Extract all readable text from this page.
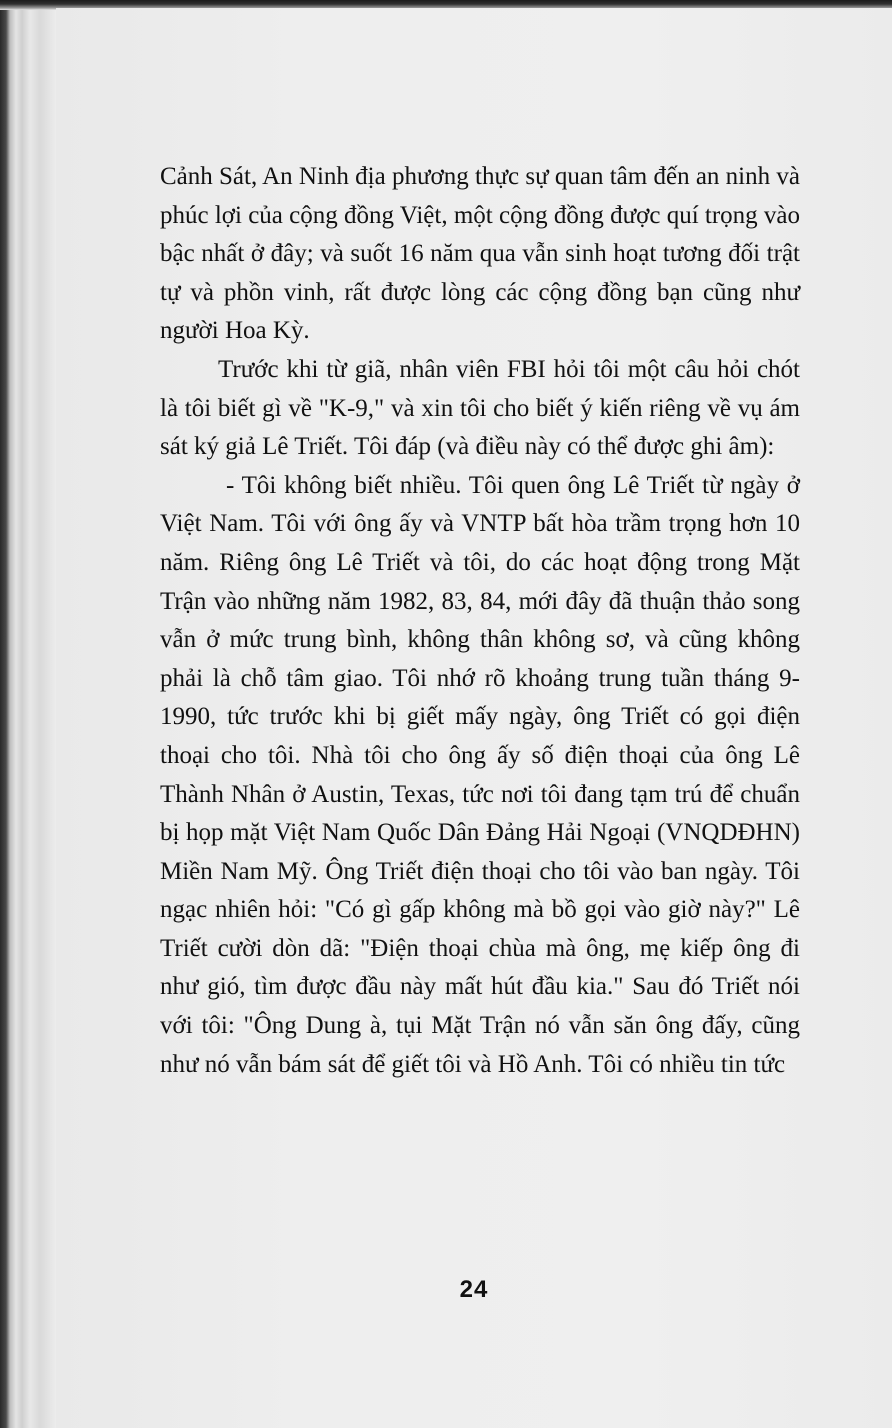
Cảnh Sát, An Ninh địa phương thực sự quan tâm đến an ninh và phúc lợi của cộng đồng Việt, một cộng đồng được quí trọng vào bậc nhất ở đây; và suốt 16 năm qua vẫn sinh hoạt tương đối trật tự và phồn vinh, rất được lòng các cộng đồng bạn cũng như người Hoa Kỳ.

Trước khi từ giã, nhân viên FBI hỏi tôi một câu hỏi chót là tôi biết gì về "K-9," và xin tôi cho biết ý kiến riêng về vụ ám sát ký giả Lê Triết. Tôi đáp (và điều này có thể được ghi âm):

- Tôi không biết nhiều. Tôi quen ông Lê Triết từ ngày ở Việt Nam. Tôi với ông ấy và VNTP bất hòa trầm trọng hơn 10 năm. Riêng ông Lê Triết và tôi, do các hoạt động trong Mặt Trận vào những năm 1982, 83, 84, mới đây đã thuận thảo song vẫn ở mức trung bình, không thân không sơ, và cũng không phải là chỗ tâm giao. Tôi nhớ rõ khoảng trung tuần tháng 9-1990, tức trước khi bị giết mấy ngày, ông Triết có gọi điện thoại cho tôi. Nhà tôi cho ông ấy số điện thoại của ông Lê Thành Nhân ở Austin, Texas, tức nơi tôi đang tạm trú để chuẩn bị họp mặt Việt Nam Quốc Dân Đảng Hải Ngoại (VNQDĐHN) Miền Nam Mỹ. Ông Triết điện thoại cho tôi vào ban ngày. Tôi ngạc nhiên hỏi: "Có gì gấp không mà bồ gọi vào giờ này?" Lê Triết cười dòn dã: "Điện thoại chùa mà ông, mẹ kiếp ông đi như gió, tìm được đầu này mất hút đầu kia." Sau đó Triết nói với tôi: "Ông Dung à, tụi Mặt Trận nó vẫn săn ông đấy, cũng như nó vẫn bám sát để giết tôi và Hồ Anh. Tôi có nhiều tin tức

24
